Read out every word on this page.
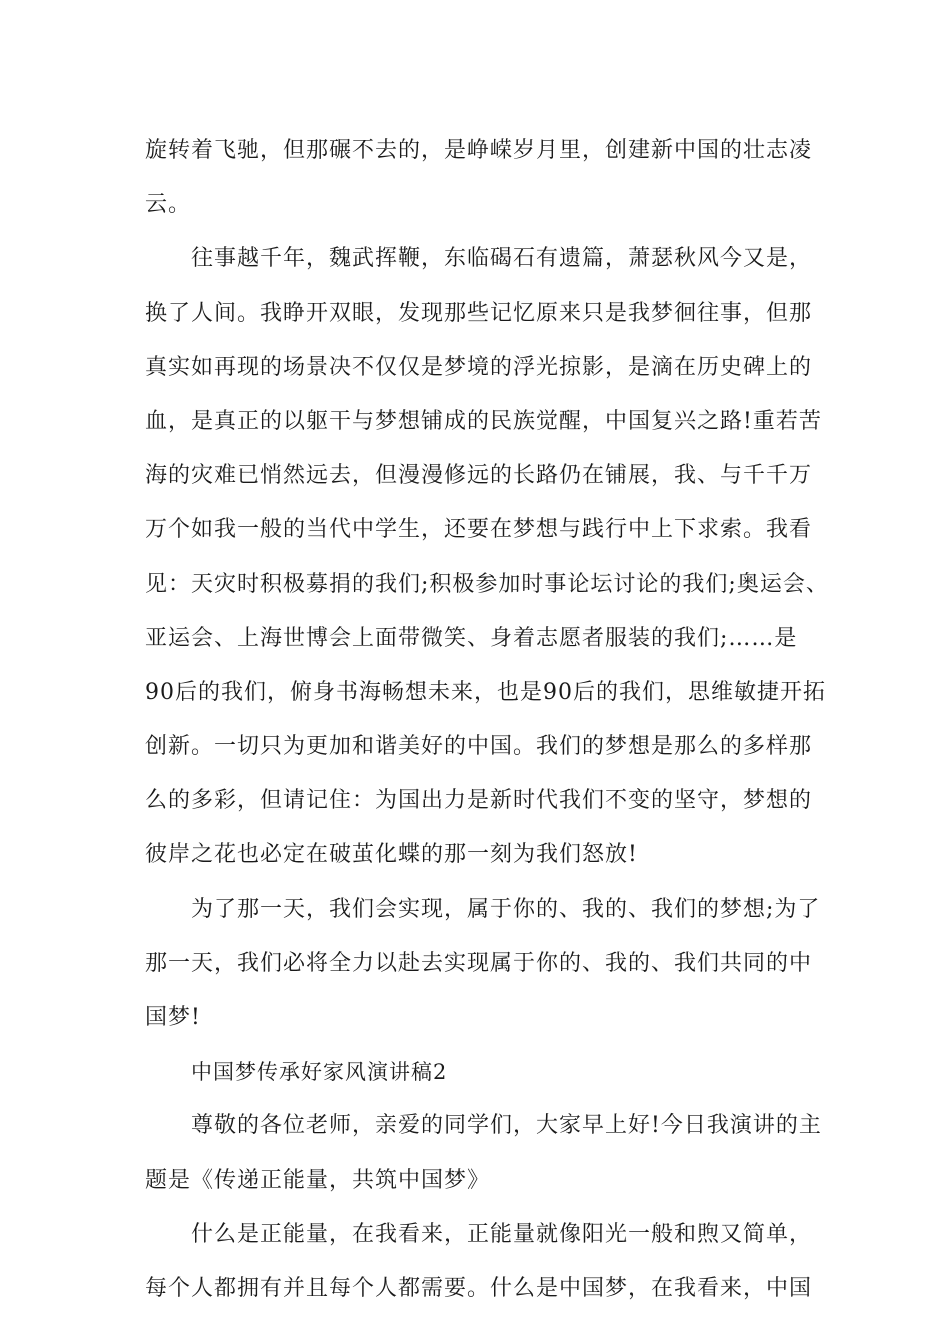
旋转着飞驰，但那碾不去的，是峥嵘岁月里，创建新中国的壮志凌
云。
往事越千年，魏武挥鞭，东临碣石有遗篇，萧瑟秋风今又是，
换了人间。我睁开双眼，发现那些记忆原来只是我梦徊往事，但那
真实如再现的场景决不仅仅是梦境的浮光掠影，是滴在历史碑上的
血，是真正的以躯干与梦想铺成的民族觉醒，中国复兴之路!重若苦
海的灾难已悄然远去，但漫漫修远的长路仍在铺展，我、与千千万
万个如我一般的当代中学生，还要在梦想与践行中上下求索。我看
见：天灾时积极募捐的我们;积极参加时事论坛讨论的我们;奥运会、
亚运会、上海世博会上面带微笑、身着志愿者服装的我们;……是
90后的我们，俯身书海畅想未来，也是90后的我们，思维敏捷开拓
创新。一切只为更加和谐美好的中国。我们的梦想是那么的多样那
么的多彩，但请记住：为国出力是新时代我们不变的坚守，梦想的
彼岸之花也必定在破茧化蝶的那一刻为我们怒放!
为了那一天，我们会实现，属于你的、我的、我们的梦想;为了
那一天，我们必将全力以赴去实现属于你的、我的、我们共同的中
国梦!
中国梦传承好家风演讲稿2
尊敬的各位老师，亲爱的同学们，大家早上好!今日我演讲的主
题是《传递正能量，共筑中国梦》
什么是正能量，在我看来，正能量就像阳光一般和煦又简单，
每个人都拥有并且每个人都需要。什么是中国梦，在我看来，中国
